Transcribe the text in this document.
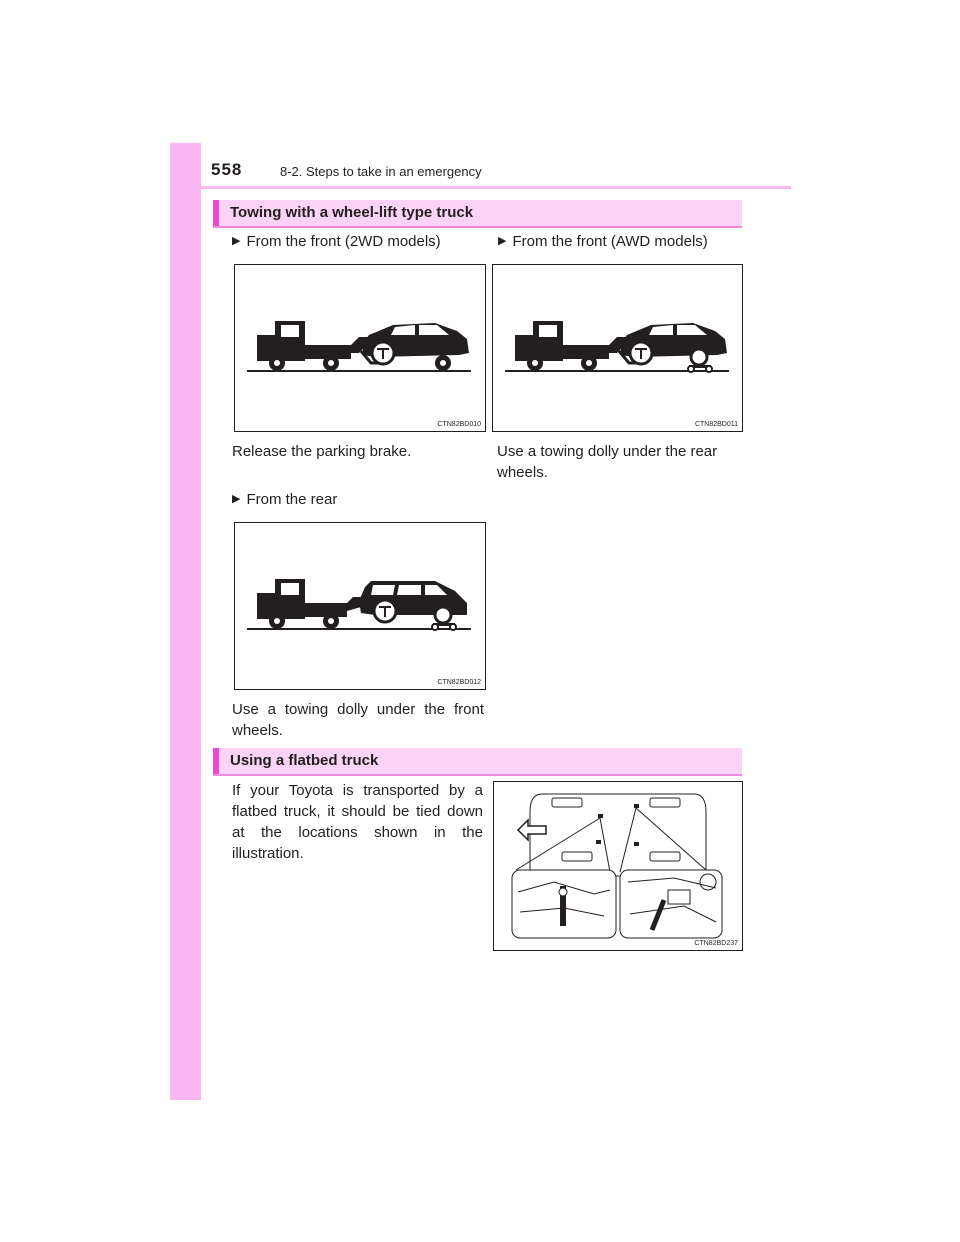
558	8-2. Steps to take in an emergency
Towing with a wheel-lift type truck
▶ From the front (2WD models)	▶ From the front (AWD models)
CTN82BD010	CTN82BD011
Release the parking brake.	Use a towing dolly under the rear wheels.
▶ From the rear
CTN82BD012
Use a towing dolly under the front wheels.
Using a flatbed truck
If your Toyota is transported by a flatbed truck, it should be tied down at the locations shown in the illustration.
CTN82BD237
